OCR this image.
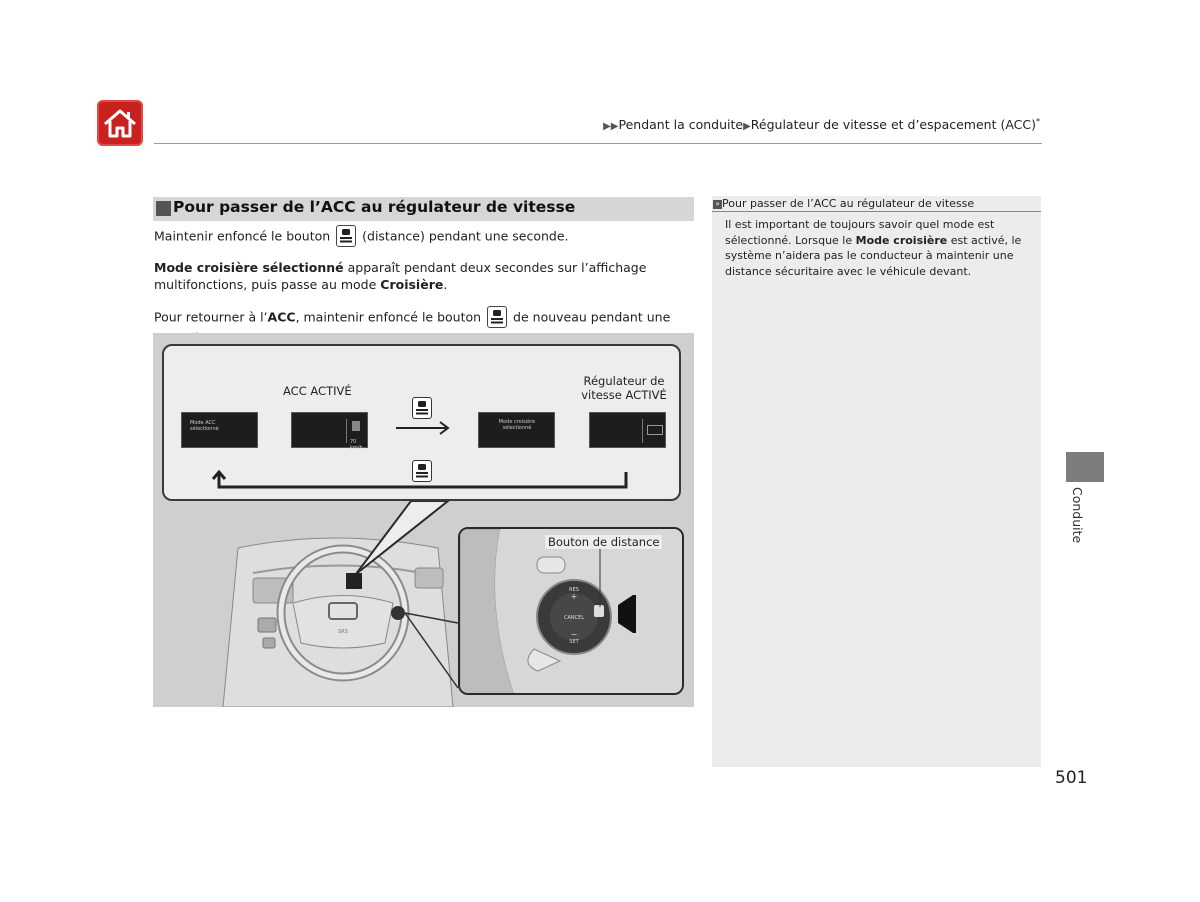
▶▶Pendant la conduite▶Régulateur de vitesse et d’espacement (ACC)*
Pour passer de l’ACC au régulateur de vitesse
Maintenir enfoncé le bouton	(distance) pendant une seconde.
Mode croisière sélectionné apparaît pendant deux secondes sur l’affichage multifonctions, puis passe au mode Croisière.
Pour retourner à l’ACC, maintenir enfoncé le bouton	de nouveau pendant une
SRS
ACC ACTIVÉ
Régulateur de vitesse ACTIVÉ
Mode ACC sélectionné
70 km/h
Mode croisière sélectionné
RES
+
CANCEL
−
SET
Bouton de distance
» Pour passer de l’ACC au régulateur de vitesse
Il est important de toujours savoir quel mode est sélectionné. Lorsque le Mode croisière est activé, le système n’aidera pas le conducteur à maintenir une distance sécuritaire avec le véhicule devant.
Conduite
501
